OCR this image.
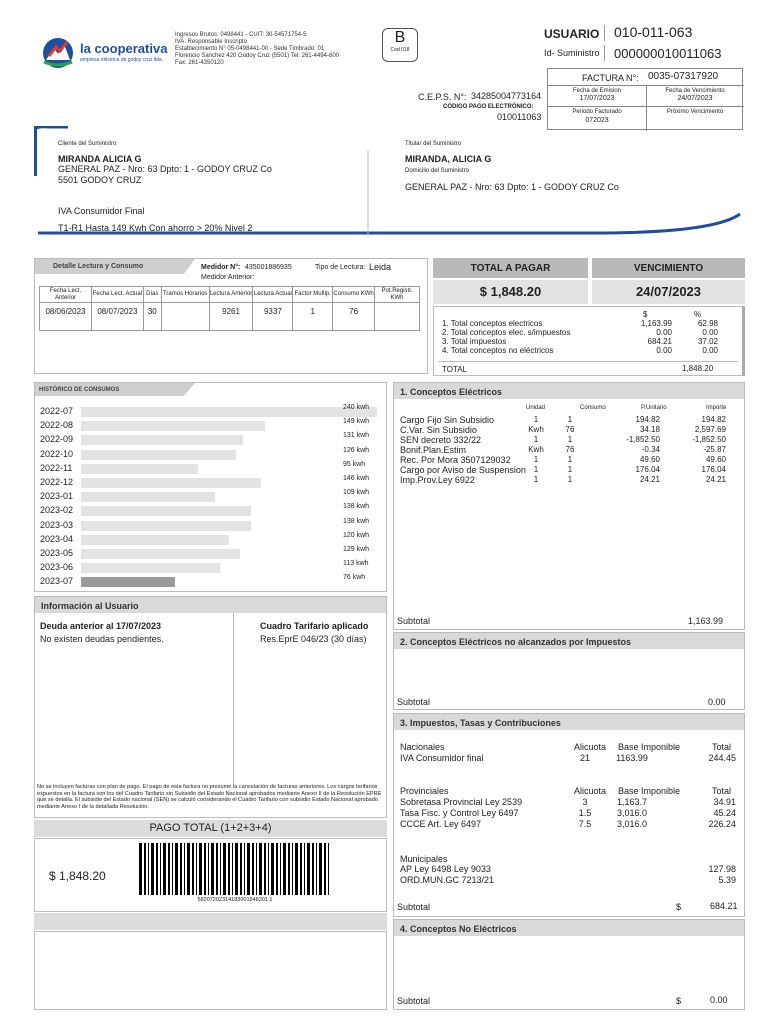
la cooperativa
empresa eléctrica de godoy cruz ltda.
Ingresos Brutos: 0498441 - CUIT: 30-54571754-5
IVA: Responsable Inscripto
Establecimiento N° 05-0498441-00 - Sede Timbrado: 01
Florencio Sanchez 420 Godoy Cruz (5501) Tel: 261-4494-600
Fax: 261-4350120
B
Cod 018
USUARIO 010-011-063
Id- Suministro 000000010011063
FACTURA N°: 0035-07317920
Fecha de Emision
17/07/2023
Fecha de Vencimiento
24/07/2023
Periodo Facturado
072023
Próximo Vencimiento
C.E.P.S. N°: 34285004773164
CÓDIGO PAGO ELECTRÓNICO:
010011063
Cliente del Suministro
MIRANDA ALICIA G
GENERAL PAZ - Nro: 63 Dpto: 1 - GODOY CRUZ Co
5501 GODOY CRUZ
IVA Consumidor Final
T1-R1 Hasta 149 Kwh Con ahorro > 20% Nivel 2
Titular del Suministro
MIRANDA, ALICIA G
Domicilio del Suministro
GENERAL PAZ - Nro: 63 Dpto: 1 - GODOY CRUZ Co
Detalle Lectura y Consumo	Medidor N°: 435001886935
Medidor Anterior:
Tipo de Lectura: Leida
Fecha Lect. Anterior	Fecha Lect. Actual	Días	Tramos Horarios	Lectura Anterior	Lectura Actual	Factor Multip.	Consumo KWh	Pot.Registr. KWh
08/06/2023	08/07/2023	30		9261	9337	1	76	
TOTAL A PAGAR
$ 1,848.20
VENCIMIENTO
24/07/2023
$	%
1. Total conceptos electricos	1,163.99	62.98
2. Total conceptos elec. s/impuestos	0.00	0.00
3. Total impuestos	684.21	37.02
4. Total conceptos no eléctricos	0.00	0.00
TOTAL	1,848.20
HISTÓRICO DE CONSUMOS
2022-07	240 kwh
2022-08	149 kwh
2022-09	131 kwh
2022-10	126 kwh
2022-11	95 kwh
2022-12	146 kwh
2023-01	109 kwh
2023-02	138 kwh
2023-03	138 kwh
2023-04	120 kwh
2023-05	129 kwh
2023-06	113 kwh
2023-07	76 kwh
Información al Usuario
Deuda anterior al 17/07/2023
No existen deudas pendientes.
Cuadro Tarifario aplicado
Res.EprE 046/23 (30 días)
No se incluyen facturas con plan de pago. El pago de esta factura no presume la cancelación de facturas anteriores. Los cargos tarifarios expuestos en la factura son los del Cuadro Tarifario sin Subsidio del Estado Nacional aprobados mediante Anexo II de la Resolución EPRE que se detalla. El subsidio del Estado nacional (SEN) se calculó considerando el Cuadro Tarifario con subsidio Estado Nacional aprobado mediante Anexo I de la detallada Resolución.
PAGO TOTAL (1+2+3+4)
$ 1,848.20
58207202314183001848201 1
1. Conceptos Eléctricos
Unidad	Consumo	P.Unitario	Importe
Cargo Fijo Sin Subsidio	1	1	194.82	194.82
C.Var. Sin Subsidio	Kwh	76	34.18	2,597.69
SEN decreto 332/22	1	1	-1,852.50	-1,852.50
Bonif.Plan.Estim	Kwh	76	-0.34	-25.87
Rec. Por Mora 3507129032	1	1	49.60	49.60
Cargo por Aviso de Suspension 1	1	176.04	176.04
Imp.Prov.Ley 6922	1	1	24.21	24.21
Subtotal	1,163.99
2. Conceptos Eléctricos no alcanzados por Impuestos
Subtotal	0.00
3. Impuestos, Tasas y Contribuciones
Nacionales	Alicuota Base Imponible	Total
IVA Consumidor final	21	1163.99	244.45
Provinciales	Alicuota Base Imponible	Total
Sobretasa Provincial Ley 2539	3	1,163.7	34.91
Tasa Fisc. y Control Ley 6497	1.5	3,016.0	45.24
CCCE Art. Ley 6497	7.5	3,016.0	226.24
Municipales
AP Ley 6498 Ley 9033	127.98
ORD.MUN.GC 7213/21	5.39
Subtotal	$	684.21
4. Conceptos No Eléctricos
Subtotal	$	0.00
